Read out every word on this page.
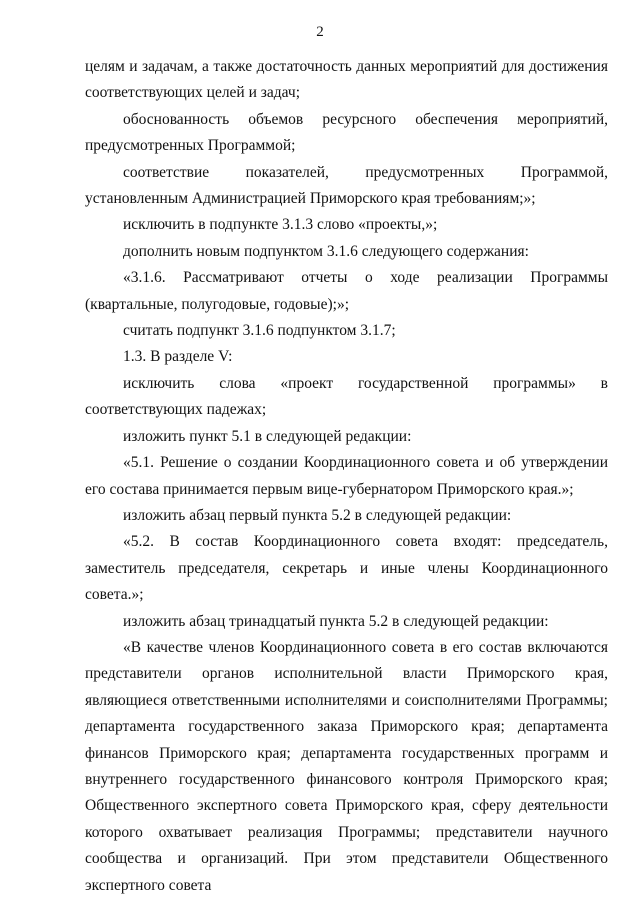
2

целям и задачам, а также достаточность данных мероприятий для достижения соответствующих целей и задач;

обоснованность объемов ресурсного обеспечения мероприятий, предусмотренных Программой;

соответствие показателей, предусмотренных Программой, установленным Администрацией Приморского края требованиям;»;

исключить в подпункте 3.1.3 слово «проекты,»;

дополнить новым подпунктом 3.1.6 следующего содержания:

«3.1.6. Рассматривают отчеты о ходе реализации Программы (квартальные, полугодовые, годовые);»;

считать подпункт 3.1.6 подпунктом 3.1.7;

1.3. В разделе V:

исключить слова «проект государственной программы» в соответствующих падежах;

изложить пункт 5.1 в следующей редакции:

«5.1. Решение о создании Координационного совета и об утверждении его состава принимается первым вице-губернатором Приморского края.»;

изложить абзац первый пункта 5.2 в следующей редакции:

«5.2. В состав Координационного совета входят: председатель, заместитель председателя, секретарь и иные члены Координационного совета.»;

изложить абзац тринадцатый пункта 5.2 в следующей редакции:

«В качестве членов Координационного совета в его состав включаются представители органов исполнительной власти Приморского края, являющиеся ответственными исполнителями и соисполнителями Программы; департамента государственного заказа Приморского края; департамента финансов Приморского края; департамента государственных программ и внутреннего государственного финансового контроля Приморского края; Общественного экспертного совета Приморского края, сферу деятельности которого охватывает реализация Программы; представители научного сообщества и организаций. При этом представители Общественного экспертного совета
